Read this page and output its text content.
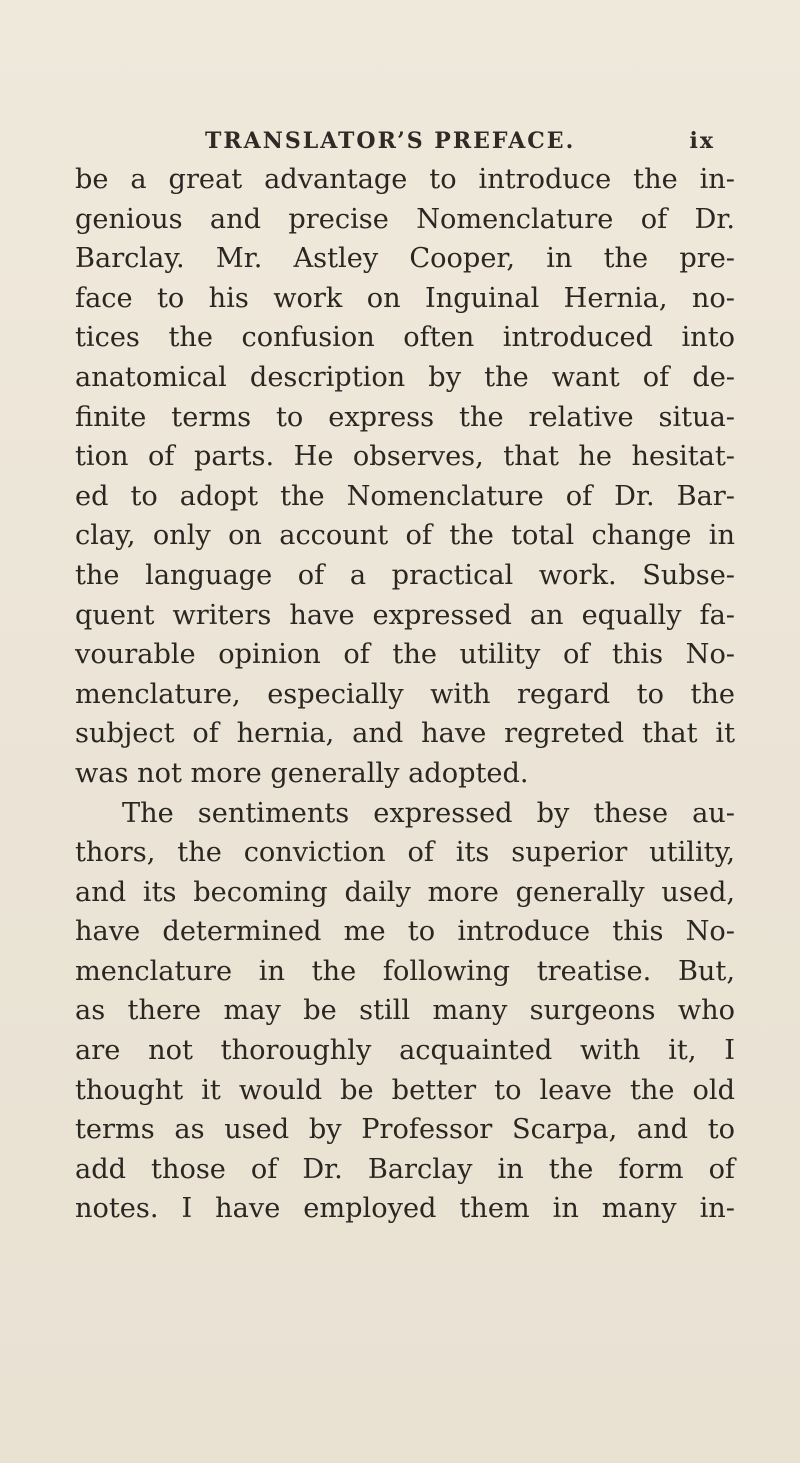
TRANSLATOR’S PREFACE.	ix
be a great advantage to introduce the in-
genious and precise Nomenclature of Dr.
Barclay. Mr. Astley Cooper, in the pre-
face to his work on Inguinal Hernia, no-
tices the confusion often introduced into
anatomical description by the want of de-
finite terms to express the relative situa-
tion of parts. He observes, that he hesitat-
ed to adopt the Nomenclature of Dr. Bar-
clay, only on account of the total change in
the language of a practical work. Subse-
quent writers have expressed an equally fa-
vourable opinion of the utility of this No-
menclature, especially with regard to the
subject of hernia, and have regreted that it
was not more generally adopted.
The sentiments expressed by these au-
thors, the conviction of its superior utility,
and its becoming daily more generally used,
have determined me to introduce this No-
menclature in the following treatise. But,
as there may be still many surgeons who
are not thoroughly acquainted with it, I
thought it would be better to leave the old
terms as used by Professor Scarpa, and to
add those of Dr. Barclay in the form of
notes. I have employed them in many in-
